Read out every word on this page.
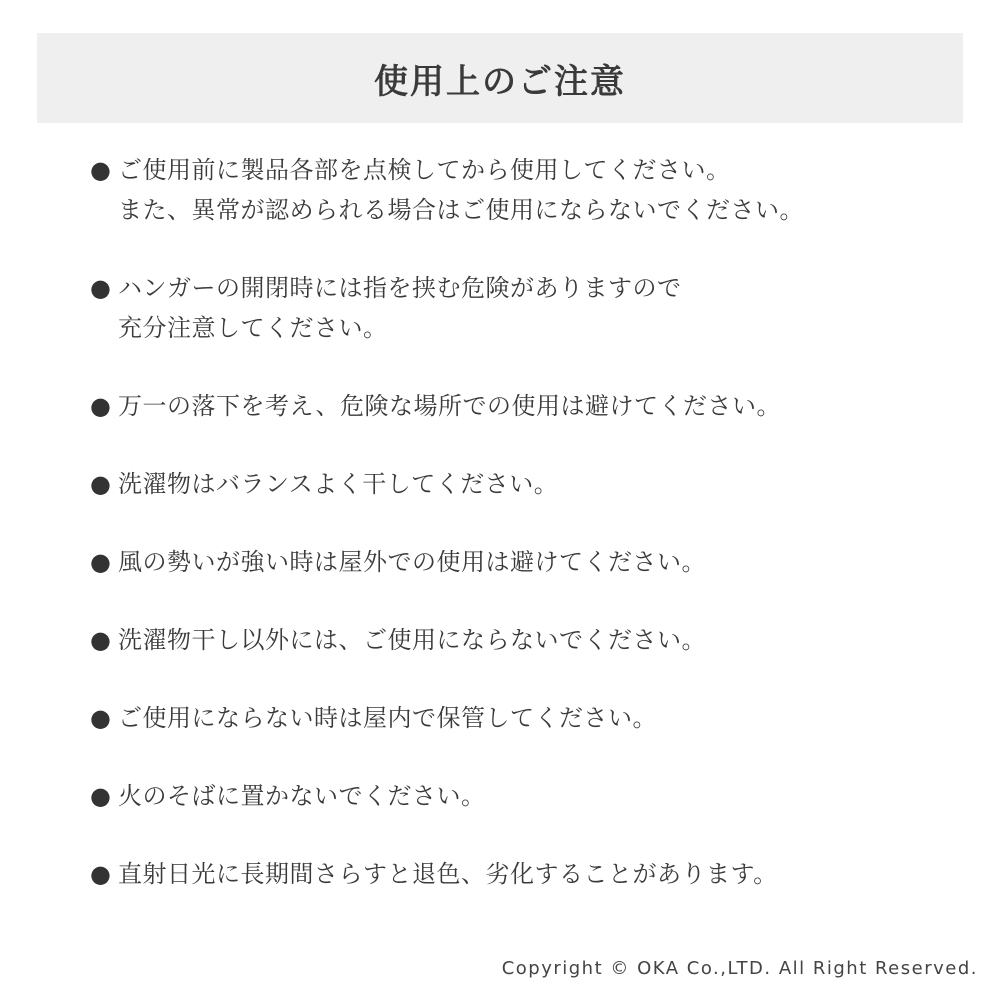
使用上のご注意
● ご使用前に製品各部を点検してから使用してください。
また、異常が認められる場合はご使用にならないでください。
● ハンガーの開閉時には指を挟む危険がありますので
充分注意してください。
● 万一の落下を考え、危険な場所での使用は避けてください。
● 洗濯物はバランスよく干してください。
● 風の勢いが強い時は屋外での使用は避けてください。
● 洗濯物干し以外には、ご使用にならないでください。
● ご使用にならない時は屋内で保管してください。
● 火のそばに置かないでください。
● 直射日光に長期間さらすと退色、劣化することがあります。
Copyright © OKA Co.,LTD. All Right Reserved.
